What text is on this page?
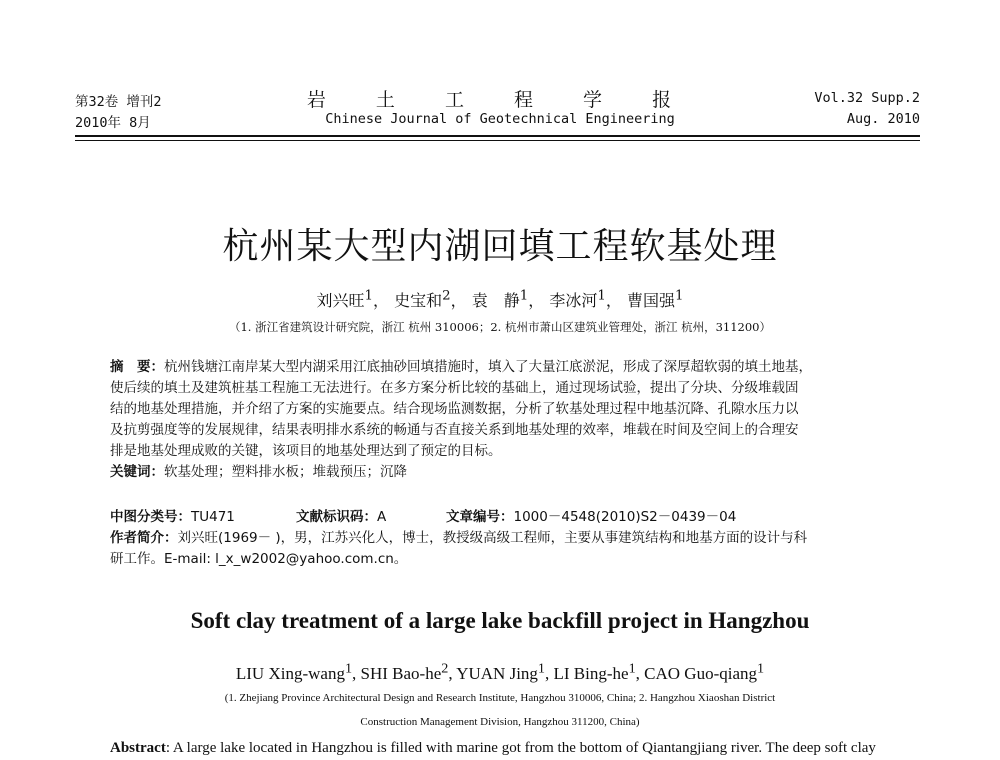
第32卷 增刊2
2010年 8月
岩 土 工 程 学 报
Chinese Journal of Geotechnical Engineering
Vol.32 Supp.2
Aug. 2010
杭州某大型内湖回填工程软基处理
刘兴旺$^1$， 史宝和$^2$， 袁　静$^1$， 李冰河$^1$， 曹国强$^1$
（1. 浙江省建筑设计研究院，浙江 杭州 310006；2. 杭州市萧山区建筑业管理处，浙江 杭州，311200）
摘　要：杭州钱塘江南岸某大型内湖采用江底抽砂回填措施时，填入了大量江底淤泥，形成了深厚超软弱的填土地基，
使后续的填土及建筑桩基工程施工无法进行。在多方案分析比较的基础上，通过现场试验，提出了分块、分级堆载固
结的地基处理措施，并介绍了方案的实施要点。结合现场监测数据，分析了软基处理过程中地基沉降、孔隙水压力以
及抗剪强度等的发展规律，结果表明排水系统的畅通与否直接关系到地基处理的效率，堆载在时间及空间上的合理安
排是地基处理成败的关键，该项目的地基处理达到了预定的目标。
关键词：软基处理；塑料排水板；堆载预压；沉降
中图分类号：TU471	文献标识码：A	文章编号：1000－4548(2010)S2－0439－04
作者简介：刘兴旺(1969－ )，男，江苏兴化人，博士，教授级高级工程师，主要从事建筑结构和地基方面的设计与科
研工作。E-mail: l_x_w2002@yahoo.com.cn。
Soft clay treatment of a large lake backfill project in Hangzhou
LIU Xing-wang$^1$, SHI Bao-$he^2$, YUAN Jing$^1$, LI Bing-$he^1$, CAO Guo-qiang$^1$
(1. Zhejiang Province Architectural Design and Research Institute, Hangzhou 310006, China; 2. Hangzhou Xiaoshan District
Construction Management Division, Hangzhou 311200, China)
Abstract: A large lake located in Hangzhou is filled with marine got from the bottom of Qiantangjiang river. The deep soft clay
